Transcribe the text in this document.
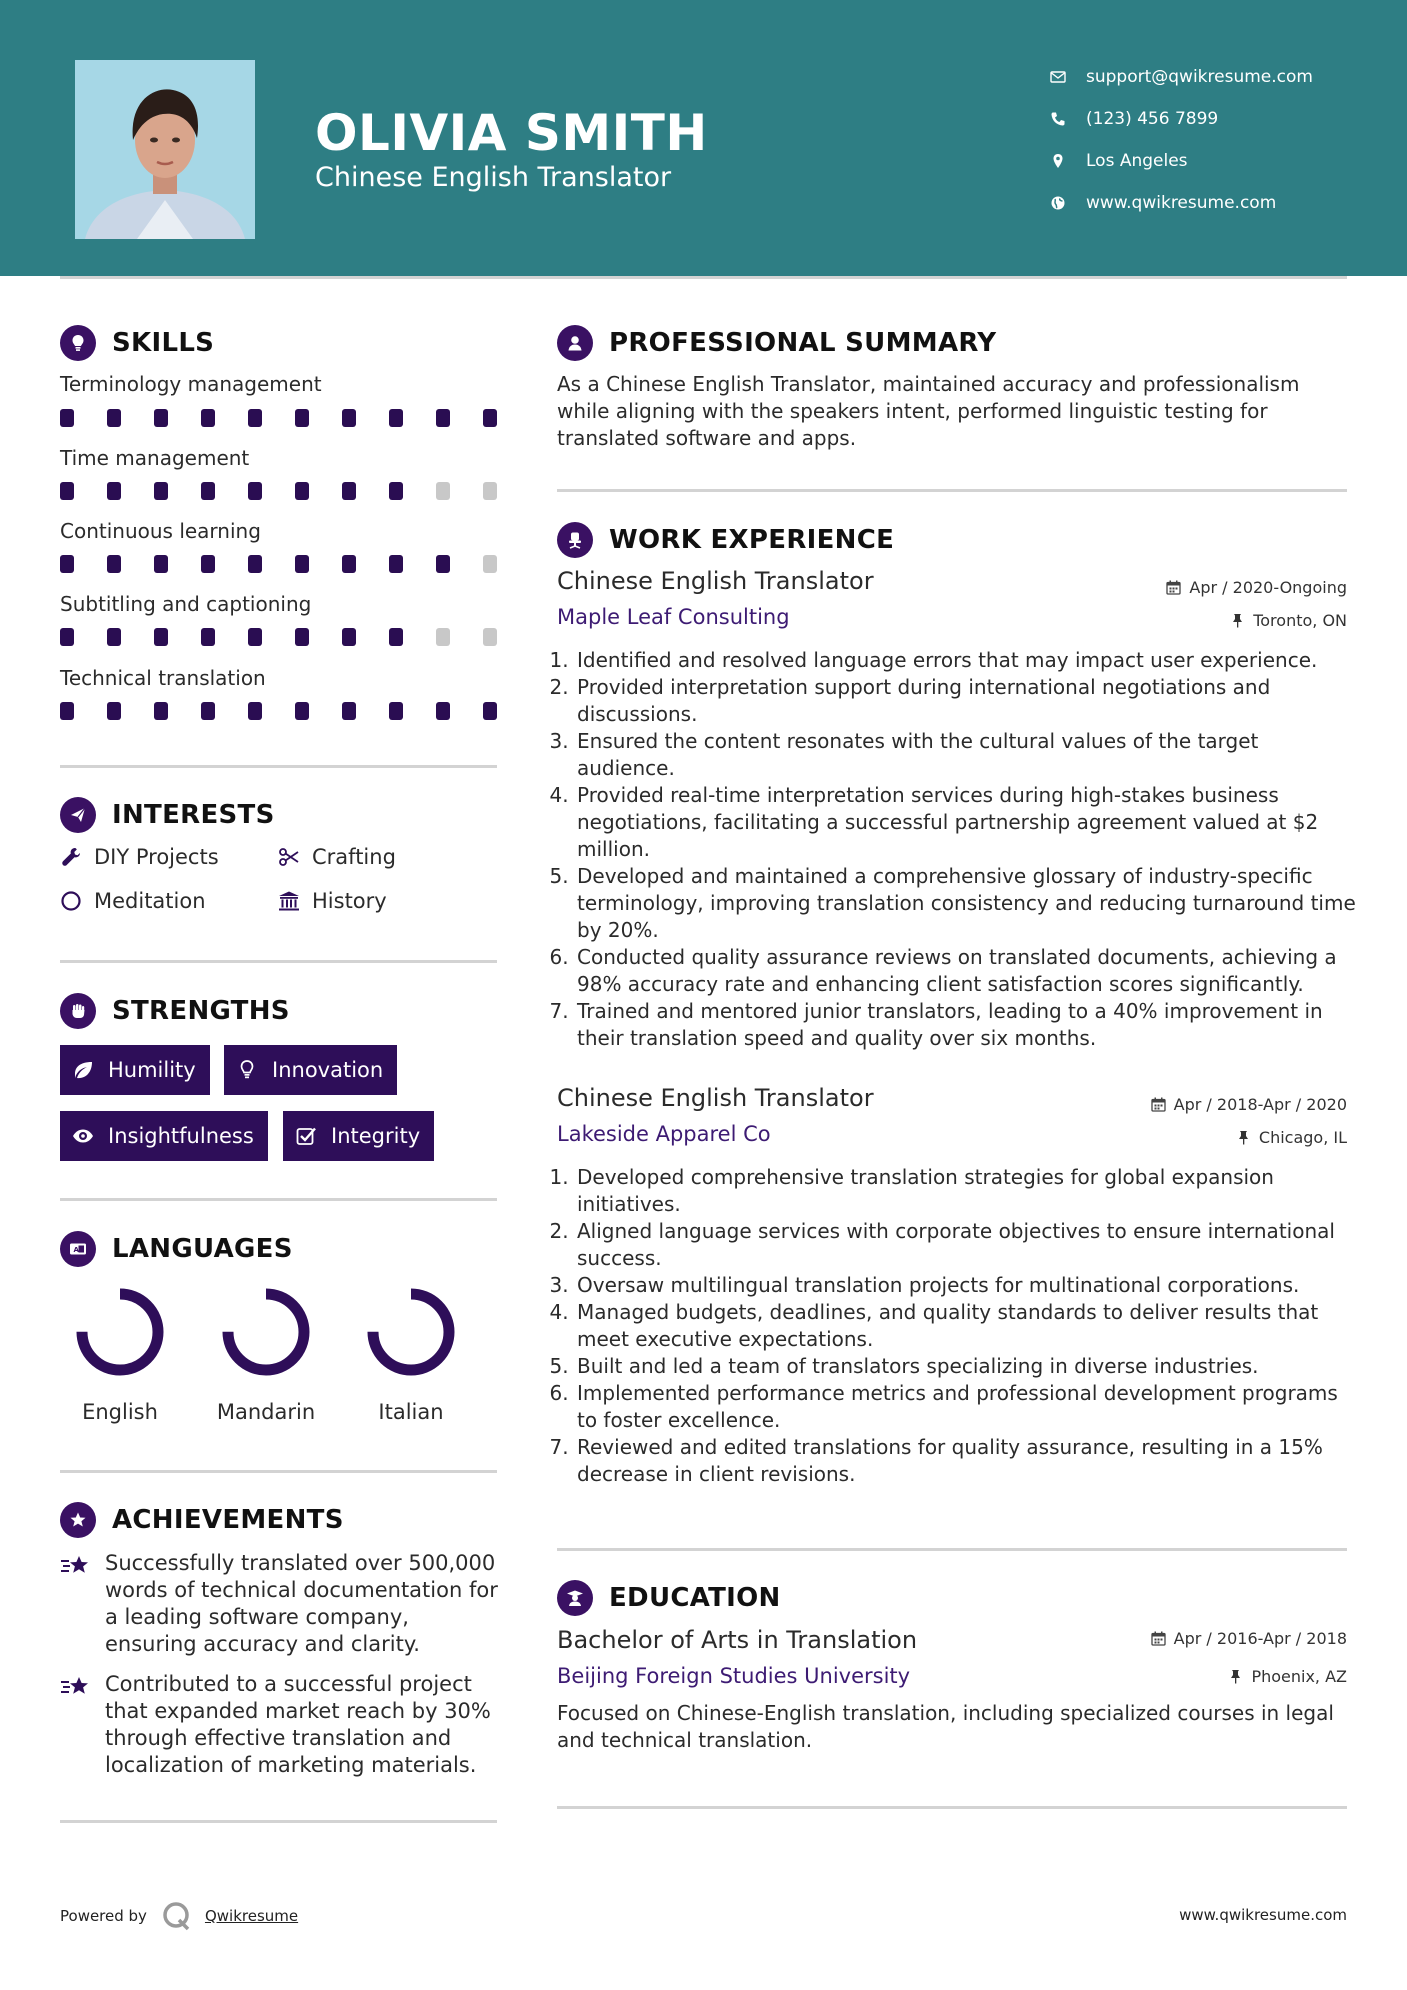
OLIVIA SMITH
Chinese English Translator
support@qwikresume.com
(123) 456 7899
Los Angeles
www.qwikresume.com
SKILLS
Terminology management
Time management
Continuous learning
Subtitling and captioning
Technical translation
INTERESTS
DIY Projects	Crafting
Meditation	History
STRENGTHS
Humility	Innovation
Insightfulness	Integrity
A LANGUAGES
English	Mandarin	Italian
ACHIEVEMENTS
Successfully translated over 500,000 words of technical documentation for a leading software company, ensuring accuracy and clarity.
Contributed to a successful project that expanded market reach by 30% through effective translation and localization of marketing materials.
PROFESSIONAL SUMMARY
As a Chinese English Translator, maintained accuracy and professionalism while aligning with the speakers intent, performed linguistic testing for translated software and apps.
WORK EXPERIENCE
Chinese English Translator	Apr / 2020-Ongoing
Maple Leaf Consulting	Toronto, ON
1. Identified and resolved language errors that may impact user experience.
2. Provided interpretation support during international negotiations and discussions.
3. Ensured the content resonates with the cultural values of the target audience.
4. Provided real-time interpretation services during high-stakes business negotiations, facilitating a successful partnership agreement valued at $2 million.
5. Developed and maintained a comprehensive glossary of industry-specific terminology, improving translation consistency and reducing turnaround time by 20%.
6. Conducted quality assurance reviews on translated documents, achieving a 98% accuracy rate and enhancing client satisfaction scores significantly.
7. Trained and mentored junior translators, leading to a 40% improvement in their translation speed and quality over six months.
Chinese English Translator	Apr / 2018-Apr / 2020
Lakeside Apparel Co	Chicago, IL
1. Developed comprehensive translation strategies for global expansion initiatives.
2. Aligned language services with corporate objectives to ensure international success.
3. Oversaw multilingual translation projects for multinational corporations.
4. Managed budgets, deadlines, and quality standards to deliver results that meet executive expectations.
5. Built and led a team of translators specializing in diverse industries.
6. Implemented performance metrics and professional development programs to foster excellence.
7. Reviewed and edited translations for quality assurance, resulting in a 15% decrease in client revisions.
EDUCATION
Bachelor of Arts in Translation	Apr / 2016-Apr / 2018
Beijing Foreign Studies University	Phoenix, AZ
Focused on Chinese-English translation, including specialized courses in legal and technical translation.
Powered by	Qwikresume	www.qwikresume.com
